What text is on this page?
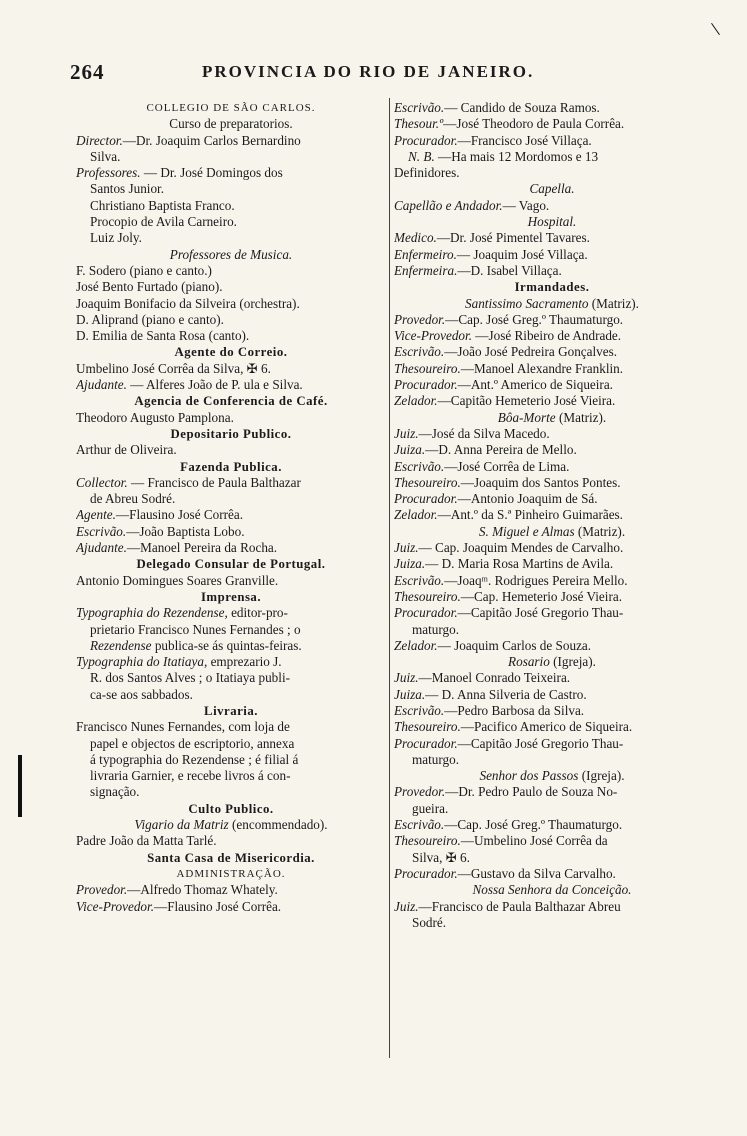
264	PROVINCIA DO RIO DE JANEIRO.
COLLEGIO DE SÃO CARLOS.
Curso de preparatorios.
Director.—Dr. Joaquim Carlos Bernardino
Silva.
Professores. — Dr. José Domingos dos
Santos Junior.
Christiano Baptista Franco.
Procopio de Avila Carneiro.
Luiz Joly.
Professores de Musica.
F. Sodero (piano e canto.)
José Bento Furtado (piano).
Joaquim Bonifacio da Silveira (orchestra).
D. Aliprand (piano e canto).
D. Emilia de Santa Rosa (canto).
Agente do Correio.
Umbelino José Corrêa da Silva, ✠ 6.
Ajudante. — Alferes João de P. ula e Silva.
Agencia de Conferencia de Café.
Theodoro Augusto Pamplona.
Depositario Publico.
Arthur de Oliveira.
Fazenda Publica.
Collector. — Francisco de Paula Balthazar
de Abreu Sodré.
Agente.—Flausino José Corrêa.
Escrivão.—João Baptista Lobo.
Ajudante.—Manoel Pereira da Rocha.
Delegado Consular de Portugal.
Antonio Domingues Soares Granville.
Imprensa.
Typographia do Rezendense, editor-pro-
prietario Francisco Nunes Fernandes ; o
Rezendense publica-se ás quintas-feiras.
Typographia do Itatiaya, emprezario J.
R. dos Santos Alves ; o Itatiaya publi-
ca-se aos sabbados.
Livraria.
Francisco Nunes Fernandes, com loja de
papel e objectos de escriptorio, annexa
á typographia do Rezendense ; é filial á
livraria Garnier, e recebe livros á con-
signação.
Culto Publico.
Vigario da Matriz (encommendado).
Padre João da Matta Tarlé.
Santa Casa de Misericordia.
ADMINISTRAÇÃO.
Provedor.—Alfredo Thomaz Whately.
Vice-Provedor.—Flausino José Corrêa.
Escrivão.— Candido de Souza Ramos.
Thesour.º—José Theodoro de Paula Corrêa.
Procurador.—Francisco José Villaça.
N. B. —Ha mais 12 Mordomos e 13
Definidores.
Capella.
Capellão e Andador.— Vago.
Hospital.
Medico.—Dr. José Pimentel Tavares.
Enfermeiro.— Joaquim José Villaça.
Enfermeira.—D. Isabel Villaça.
Irmandades.
Santissimo Sacramento (Matriz).
Provedor.—Cap. José Greg.º Thaumaturgo.
Vice-Provedor. —José Ribeiro de Andrade.
Escrivão.—João José Pedreira Gonçalves.
Thesoureiro.—Manoel Alexandre Franklin.
Procurador.—Ant.º Americo de Siqueira.
Zelador.—Capitão Hemeterio José Vieira.
Bôa-Morte (Matriz).
Juiz.—José da Silva Macedo.
Juiza.—D. Anna Pereira de Mello.
Escrivão.—José Corrêa de Lima.
Thesoureiro.—Joaquim dos Santos Pontes.
Procurador.—Antonio Joaquim de Sá.
Zelador.—Ant.º da S.ª Pinheiro Guimarães.
S. Miguel e Almas (Matriz).
Juiz.— Cap. Joaquim Mendes de Carvalho.
Juiza.— D. Maria Rosa Martins de Avila.
Escrivão.—Joaqᵐ. Rodrigues Pereira Mello.
Thesoureiro.—Cap. Hemeterio José Vieira.
Procurador.—Capitão José Gregorio Thau-
maturgo.
Zelador.— Joaquim Carlos de Souza.
Rosario (Igreja).
Juiz.—Manoel Conrado Teixeira.
Juiza.— D. Anna Silveria de Castro.
Escrivão.—Pedro Barbosa da Silva.
Thesoureiro.—Pacifico Americo de Siqueira.
Procurador.—Capitão José Gregorio Thau-
maturgo.
Senhor dos Passos (Igreja).
Provedor.—Dr. Pedro Paulo de Souza No-
gueira.
Escrivão.—Cap. José Greg.º Thaumaturgo.
Thesoureiro.—Umbelino José Corrêa da
Silva, ✠ 6.
Procurador.—Gustavo da Silva Carvalho.
Nossa Senhora da Conceição.
Juiz.—Francisco de Paula Balthazar Abreu
Sodré.
